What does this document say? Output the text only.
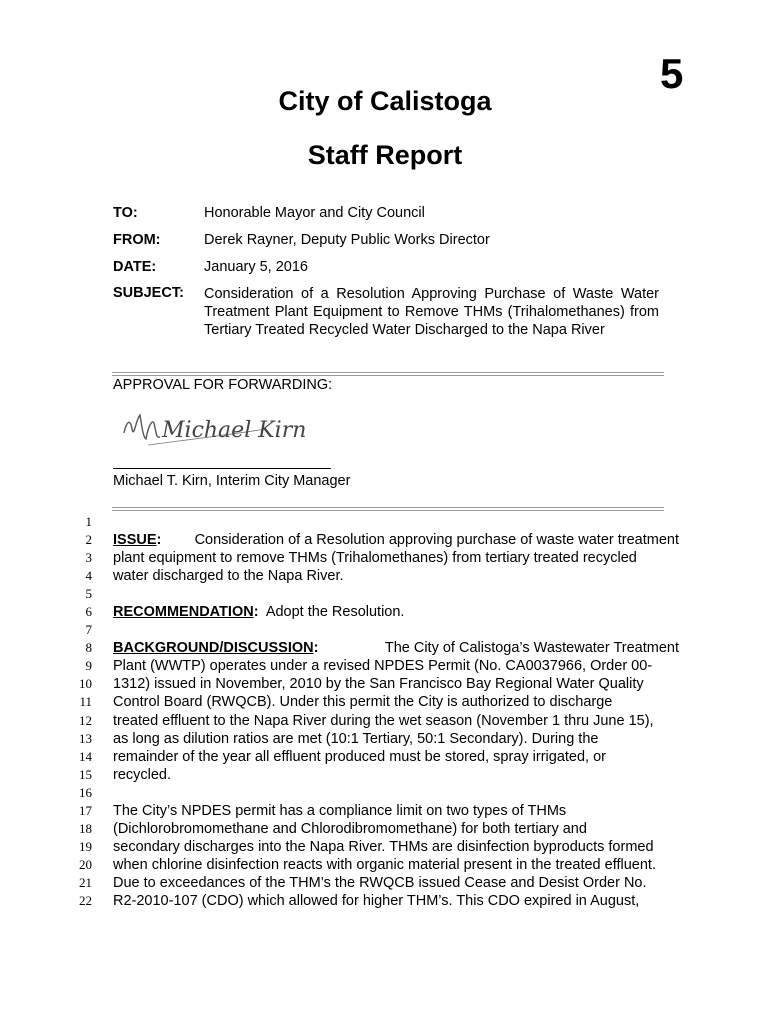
5
City of Calistoga
Staff Report
TO:	Honorable Mayor and City Council
FROM:	Derek Rayner, Deputy Public Works Director
DATE:	January 5, 2016
SUBJECT: Consideration of a Resolution Approving Purchase of Waste Water Treatment Plant Equipment to Remove THMs (Trihalomethanes) from Tertiary Treated Recycled Water Discharged to the Napa River
APPROVAL FOR FORWARDING:
Michael Kirn
Michael T. Kirn, Interim City Manager
1
2
3
4
5
6
7
8
9
10
11
12
13
14
15
16
17
18
19
20
21
22
ISSUE: Consideration of a Resolution approving purchase of waste water treatment
plant equipment to remove THMs (Trihalomethanes) from tertiary treated recycled
water discharged to the Napa River.
RECOMMENDATION: Adopt the Resolution.
BACKGROUND/DISCUSSION:	The City of Calistoga’s Wastewater Treatment
Plant (WWTP) operates under a revised NPDES Permit (No. CA0037966, Order 00-
1312) issued in November, 2010 by the San Francisco Bay Regional Water Quality
Control Board (RWQCB). Under this permit the City is authorized to discharge
treated effluent to the Napa River during the wet season (November 1 thru June 15),
as long as dilution ratios are met (10:1 Tertiary, 50:1 Secondary). During the
remainder of the year all effluent produced must be stored, spray irrigated, or
recycled.
The City’s NPDES permit has a compliance limit on two types of THMs
(Dichlorobromomethane and Chlorodibromomethane) for both tertiary and
secondary discharges into the Napa River. THMs are disinfection byproducts formed
when chlorine disinfection reacts with organic material present in the treated effluent.
Due to exceedances of the THM’s the RWQCB issued Cease and Desist Order No.
R2-2010-107 (CDO) which allowed for higher THM’s. This CDO expired in August,
